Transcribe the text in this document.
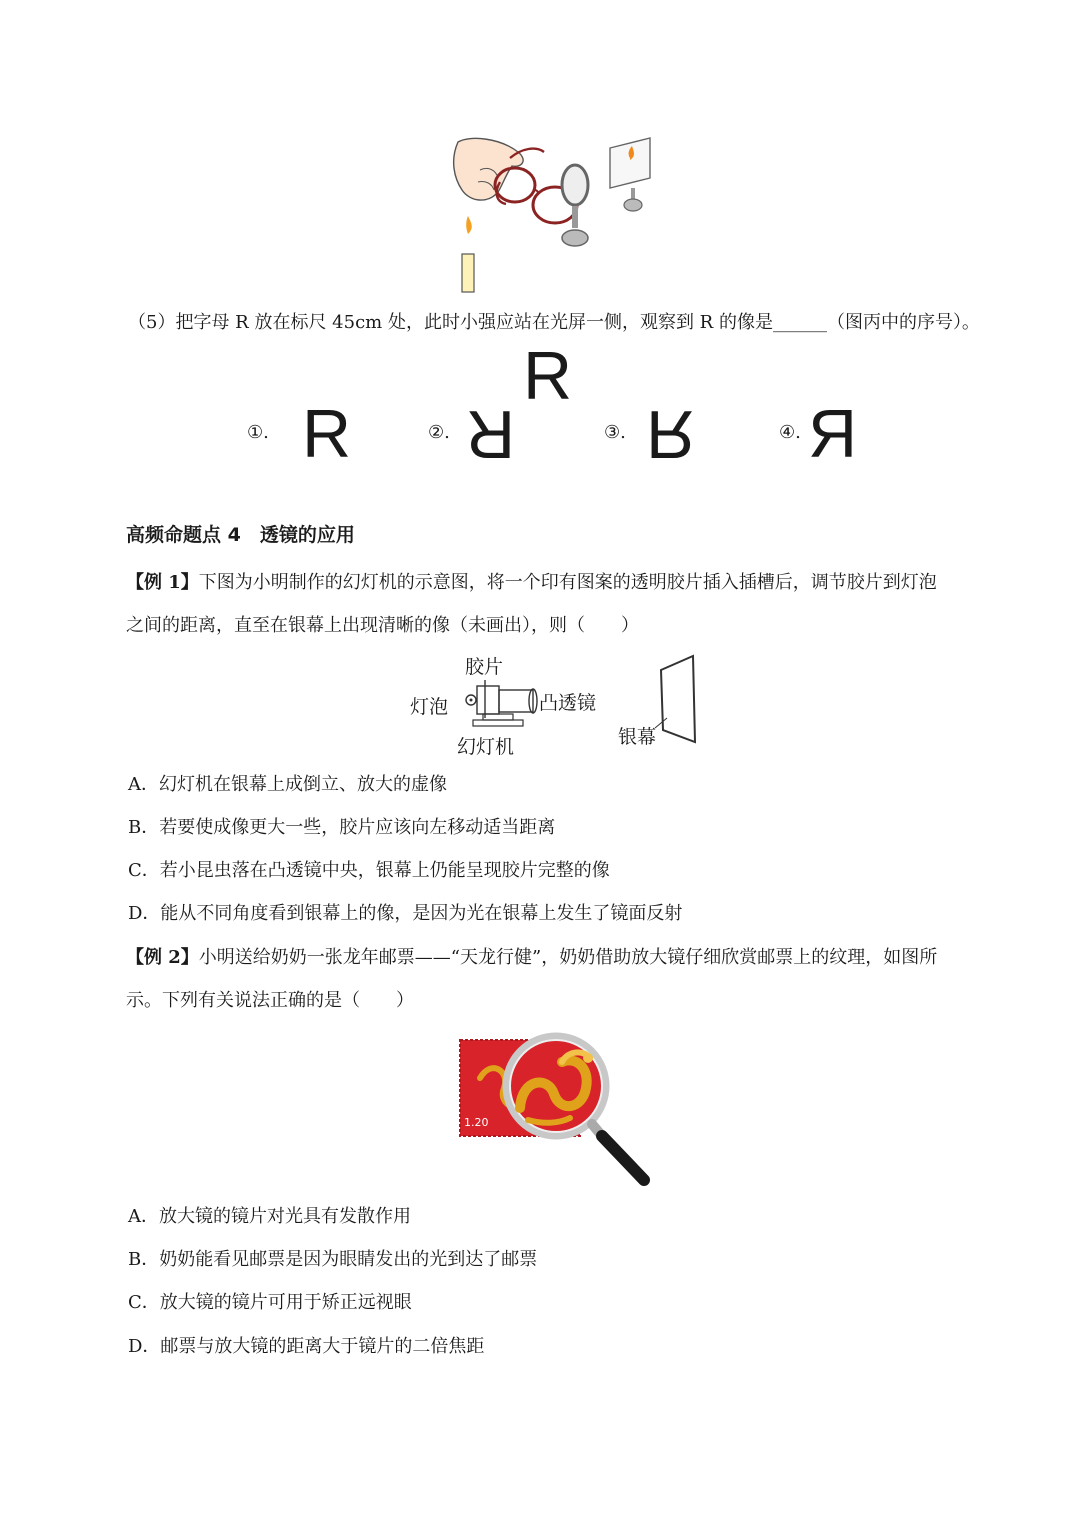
（5）把字母 R 放在标尺 45cm 处，此时小强应站在光屏一侧，观察到 R 的像是______（图丙中的序号）。
R
①. R	②. R	③. R	④. R
高频命题点 4　透镜的应用
【例 1】下图为小明制作的幻灯机的示意图，将一个印有图案的透明胶片插入插槽后，调节胶片到灯泡
之间的距离，直至在银幕上出现清晰的像（未画出），则（　　）
胶片
灯泡	凸透镜
幻灯机	银幕
A．幻灯机在银幕上成倒立、放大的虚像
B．若要使成像更大一些，胶片应该向左移动适当距离
C．若小昆虫落在凸透镜中央，银幕上仍能呈现胶片完整的像
D．能从不同角度看到银幕上的像，是因为光在银幕上发生了镜面反射
【例 2】小明送给奶奶一张龙年邮票——“天龙行健”，奶奶借助放大镜仔细欣赏邮票上的纹理，如图所
示。下列有关说法正确的是（　　）
1.20
A．放大镜的镜片对光具有发散作用
B．奶奶能看见邮票是因为眼睛发出的光到达了邮票
C．放大镜的镜片可用于矫正远视眼
D．邮票与放大镜的距离大于镜片的二倍焦距
